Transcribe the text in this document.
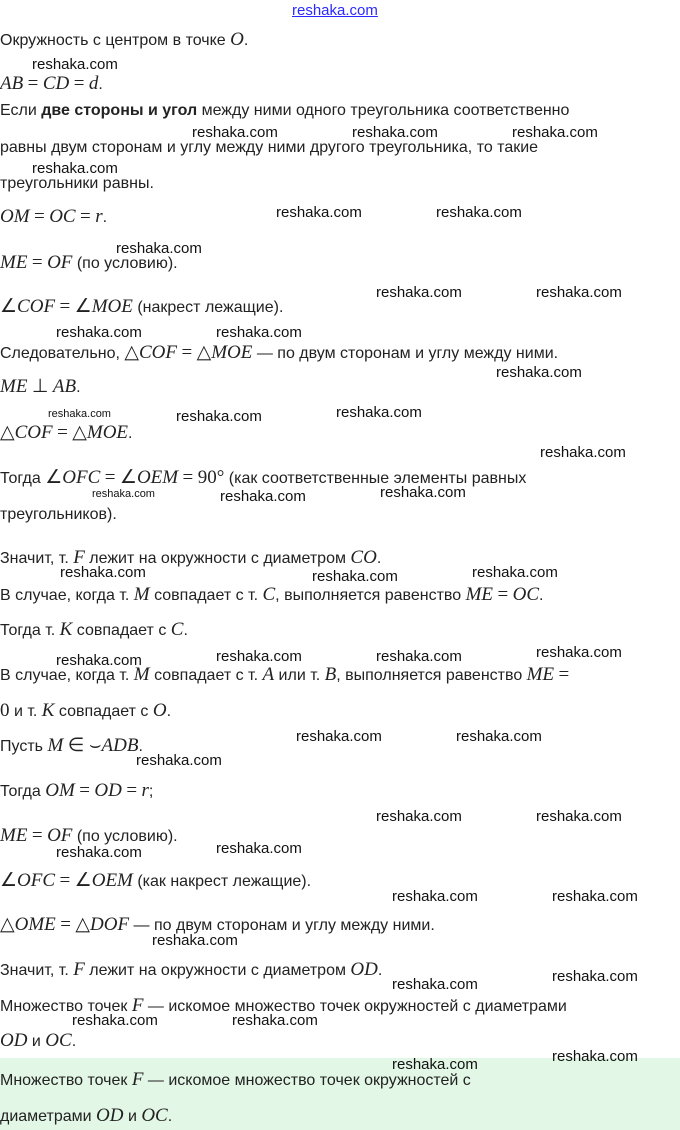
reshaka.com
Окружность с центром в точке O.
AB = CD = d.
Если две стороны и угол между ними одного треугольника соответственно
равны двум сторонам и углу между ними другого треугольника, то такие
треугольники равны.
OM = OC = r.
ME = OF (по условию).
∠COF = ∠MOE (накрест лежащие).
Следовательно, △COF = △MOE — по двум сторонам и углу между ними.
ME ⊥ AB.
△COF = △MOE.
Тогда ∠OFC = ∠OEM = 90° (как соответственные элементы равных
треугольников).
Значит, т. F лежит на окружности с диаметром CO.
В случае, когда т. M совпадает с т. C, выполняется равенство ME = OC.
Тогда т. K совпадает с C.
В случае, когда т. M совпадает с т. A или т. B, выполняется равенство ME =
0 и т. K совпадает с O.
Пусть M ∈ ⌣ADB.
Тогда OM = OD = r;
ME = OF (по условию).
∠OFC = ∠OEM (как накрест лежащие).
△OME = △DOF — по двум сторонам и углу между ними.
Значит, т. F лежит на окружности с диаметром OD.
Множество точек F — искомое множество точек окружностей с диаметрами
OD и OC.
Множество точек F — искомое множество точек окружностей с
диаметрами OD и OC.
reshaka.com
reshaka.com	reshaka.com	reshaka.com
reshaka.com
reshaka.com	reshaka.com
reshaka.com
reshaka.com	reshaka.com
reshaka.com	reshaka.com
reshaka.com
reshaka.com	reshaka.com	reshaka.com
reshaka.com
reshaka.com	reshaka.com	reshaka.com
reshaka.com	reshaka.com	reshaka.com
reshaka.com	reshaka.com	reshaka.com	reshaka.com
reshaka.com	reshaka.com
reshaka.com
reshaka.com	reshaka.com
reshaka.com	reshaka.com
reshaka.com	reshaka.com
reshaka.com
reshaka.com
reshaka.com
reshaka.com	reshaka.com
reshaka.com	reshaka.com
